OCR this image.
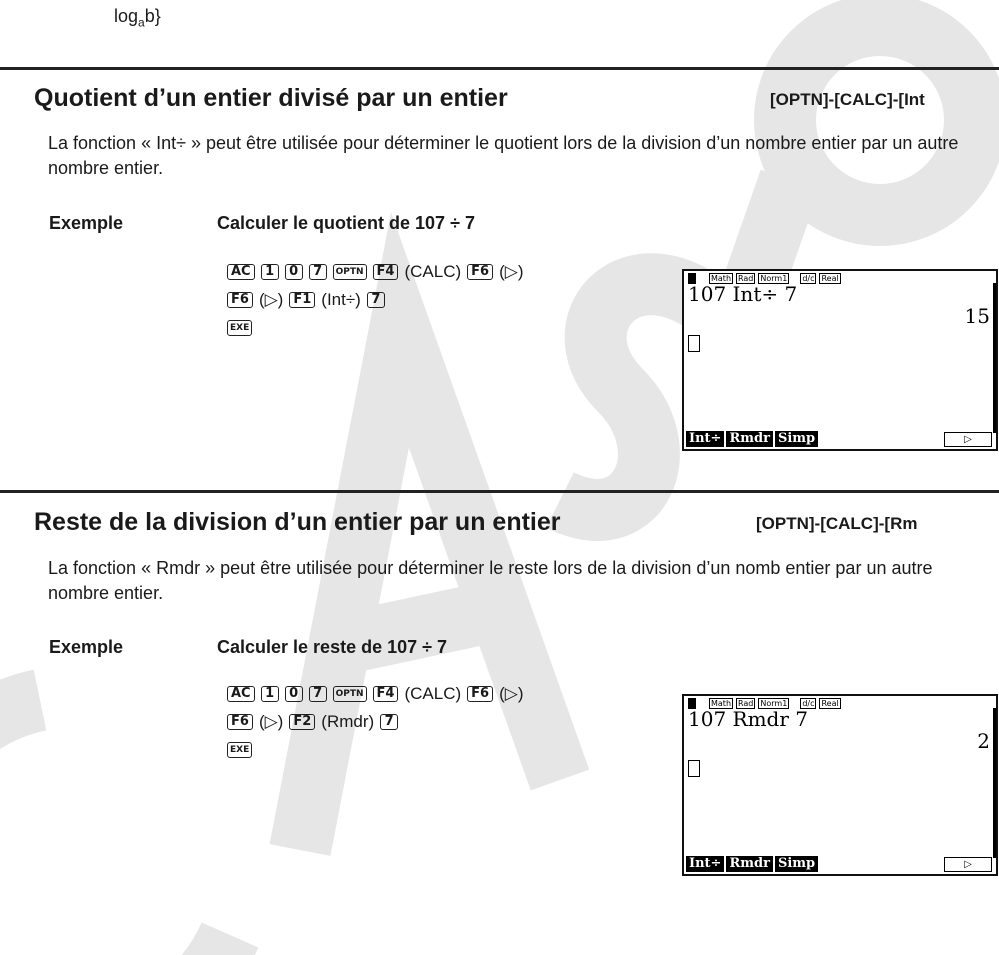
$\log_ab$}
Quotient d’un entier divisé par un entier	[OPTN]-[CALC]-[Int
La fonction « Int÷ » peut être utilisée pour déterminer le quotient lors de la division d’un nombre entier par un autre nombre entier.
Exemple	Calculer le quotient de 107 ÷ 7
AC	1	0	7	OPTN	F4 (CALC) F6 (▷)
F6 (▷) F1 (Int÷) 7
EXE
Math Rad Norm1 d/c Real
107 Int÷ 7
15
Int÷ Rmdr Simp	▷
Reste de la division d’un entier par un entier	[OPTN]-[CALC]-[Rm
La fonction « Rmdr » peut être utilisée pour déterminer le reste lors de la division d’un nomb entier par un autre nombre entier.
Exemple	Calculer le reste de 107 ÷ 7
AC	1	0	7	OPTN	F4 (CALC) F6 (▷)
F6 (▷) F2 (Rmdr) 7
EXE
Math Rad Norm1 d/c Real
107 Rmdr 7
2
Int÷ Rmdr Simp	▷
